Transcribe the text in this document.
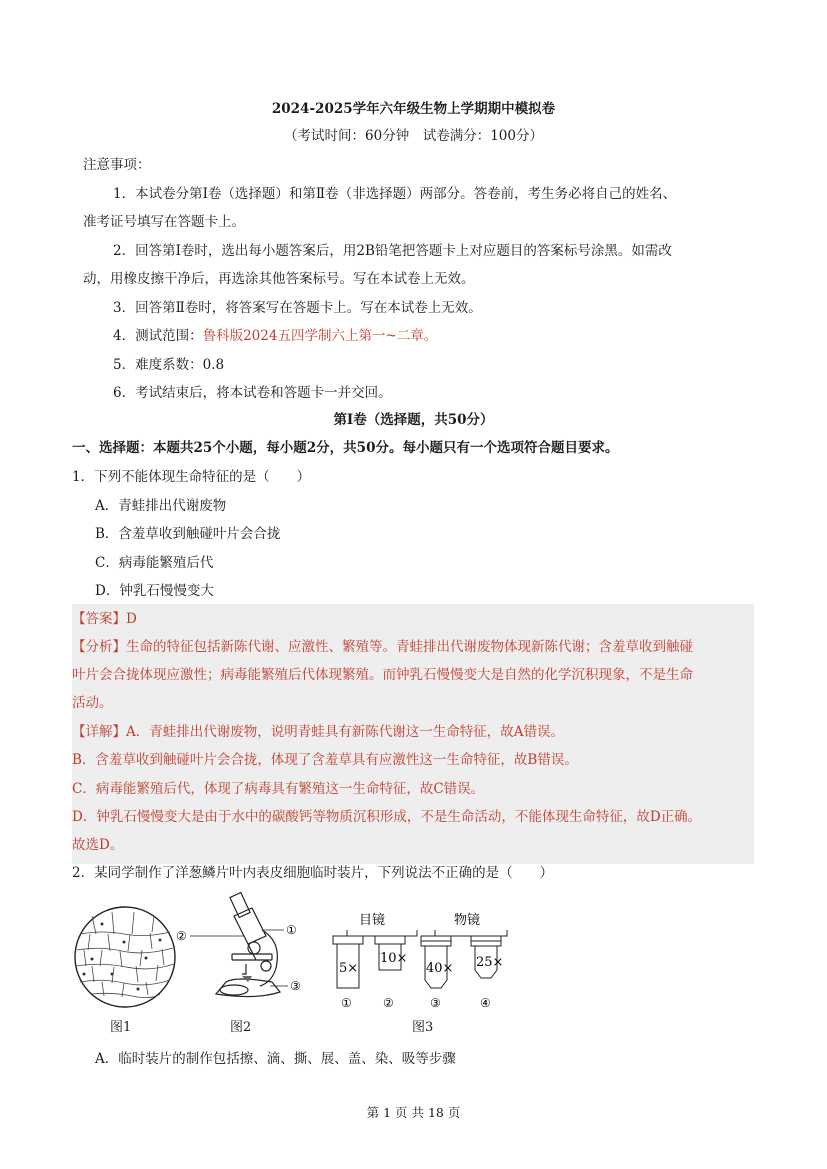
2024-2025学年六年级生物上学期期中模拟卷
（考试时间：60分钟　试卷满分：100分）
注意事项：
1．本试卷分第Ⅰ卷（选择题）和第Ⅱ卷（非选择题）两部分。答卷前，考生务必将自己的姓名、
准考证号填写在答题卡上。
2．回答第Ⅰ卷时，选出每小题答案后，用2B铅笔把答题卡上对应题目的答案标号涂黑。如需改
动，用橡皮擦干净后，再选涂其他答案标号。写在本试卷上无效。
3．回答第Ⅱ卷时，将答案写在答题卡上。写在本试卷上无效。
4．测试范围：鲁科版2024五四学制六上第一~二章。
5．难度系数：0.8
6．考试结束后，将本试卷和答题卡一并交回。
第Ⅰ卷（选择题，共50分）
一、选择题：本题共25个小题，每小题2分，共50分。每小题只有一个选项符合题目要求。
1．下列不能体现生命特征的是（　　）
A．青蛙排出代谢废物
B．含羞草收到触碰叶片会合拢
C．病毒能繁殖后代
D．钟乳石慢慢变大
【答案】D
【分析】生命的特征包括新陈代谢、应激性、繁殖等。青蛙排出代谢废物体现新陈代谢；含羞草收到触碰
叶片会合拢体现应激性；病毒能繁殖后代体现繁殖。而钟乳石慢慢变大是自然的化学沉积现象，不是生命
活动。
【详解】A．青蛙排出代谢废物，说明青蛙具有新陈代谢这一生命特征，故A错误。
B．含羞草收到触碰叶片会合拢，体现了含羞草具有应激性这一生命特征，故B错误。
C．病毒能繁殖后代，体现了病毒具有繁殖这一生命特征，故C错误。
D．钟乳石慢慢变大是由于水中的碳酸钙等物质沉积形成，不是生命活动，不能体现生命特征，故D正确。
故选D。
2．某同学制作了洋葱鳞片叶内表皮细胞临时装片，下列说法不正确的是（　　）
图1
②	①
③
图2
目镜	物镜
5×
10×
40× 25×
①	②	③	④
图3
A．临时装片的制作包括擦、滴、撕、展、盖、染、吸等步骤
第 1 页 共 18 页
